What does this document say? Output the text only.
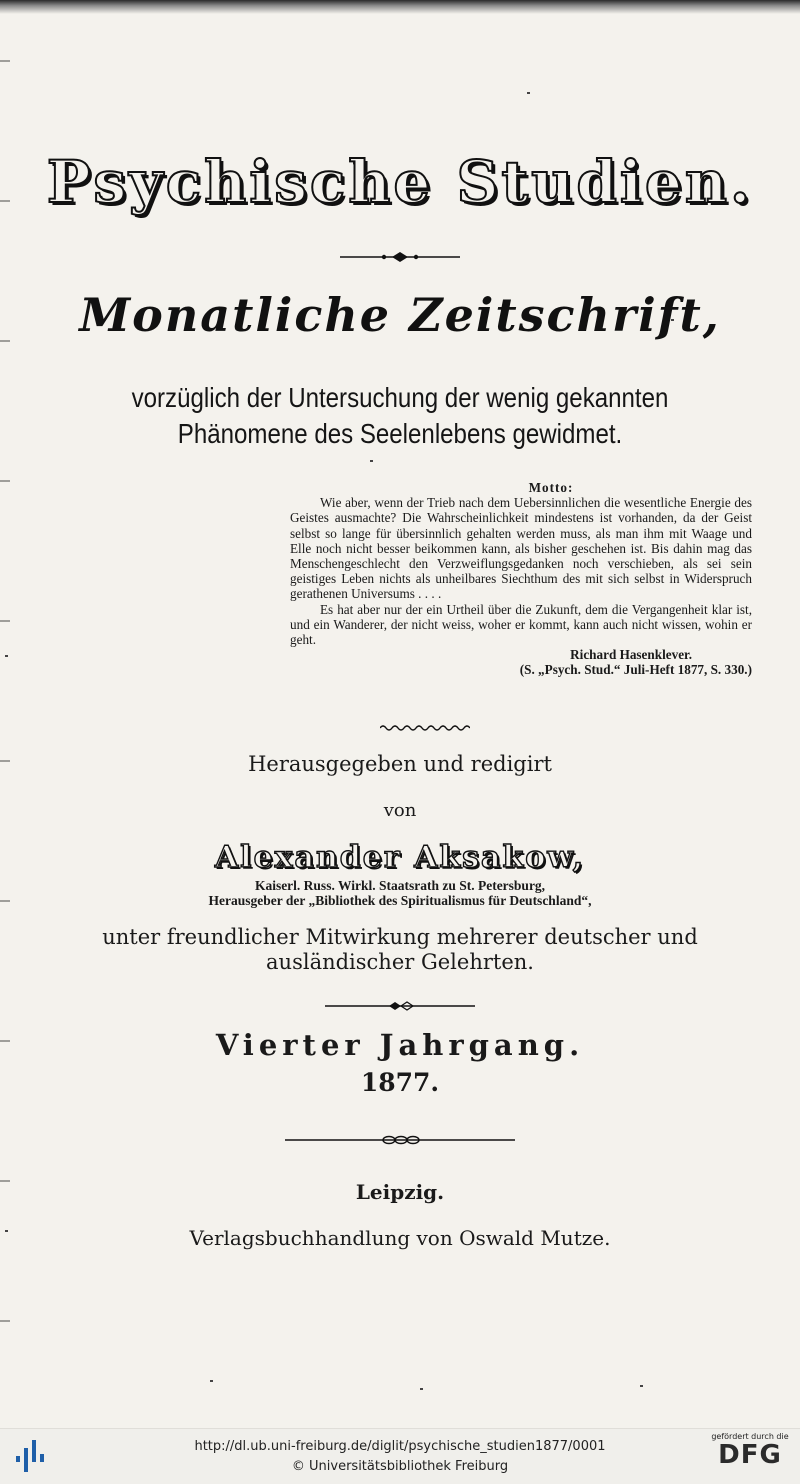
Psychische Studien.
Monatliche Zeitschrift,
vorzüglich der Untersuchung der wenig gekannten
Phänomene des Seelenlebens gewidmet.
Motto:
Wie aber, wenn der Trieb nach dem Uebersinnlichen die wesentliche Energie des Geistes ausmachte? Die Wahrscheinlichkeit mindestens ist vorhanden, da der Geist selbst so lange für übersinnlich gehalten werden muss, als man ihm mit Waage und Elle noch nicht besser beikommen kann, als bisher geschehen ist. Bis dahin mag das Menschengeschlecht den Verzweiflungsgedanken noch verschieben, als sei sein geistiges Leben nichts als unheilbares Siechthum des mit sich selbst in Widerspruch gerathenen Universums . . . .
Es hat aber nur der ein Urtheil über die Zukunft, dem die Vergangenheit klar ist, und ein Wanderer, der nicht weiss, woher er kommt, kann auch nicht wissen, wohin er geht.
Richard Hasenklever.
(S. „Psych. Stud.“ Juli-Heft 1877, S. 330.)
Herausgegeben und redigirt
von
Alexander Aksakow,
Kaiserl. Russ. Wirkl. Staatsrath zu St. Petersburg,
Herausgeber der „Bibliothek des Spiritualismus für Deutschland“,
unter freundlicher Mitwirkung mehrerer deutscher und
ausländischer Gelehrten.
Vierter Jahrgang.
1877.
Leipzig.
Verlagsbuchhandlung von Oswald Mutze.
http://dl.ub.uni-freiburg.de/diglit/psychische_studien1877/0001
© Universitätsbibliothek Freiburg
gefördert durch die
DFG
